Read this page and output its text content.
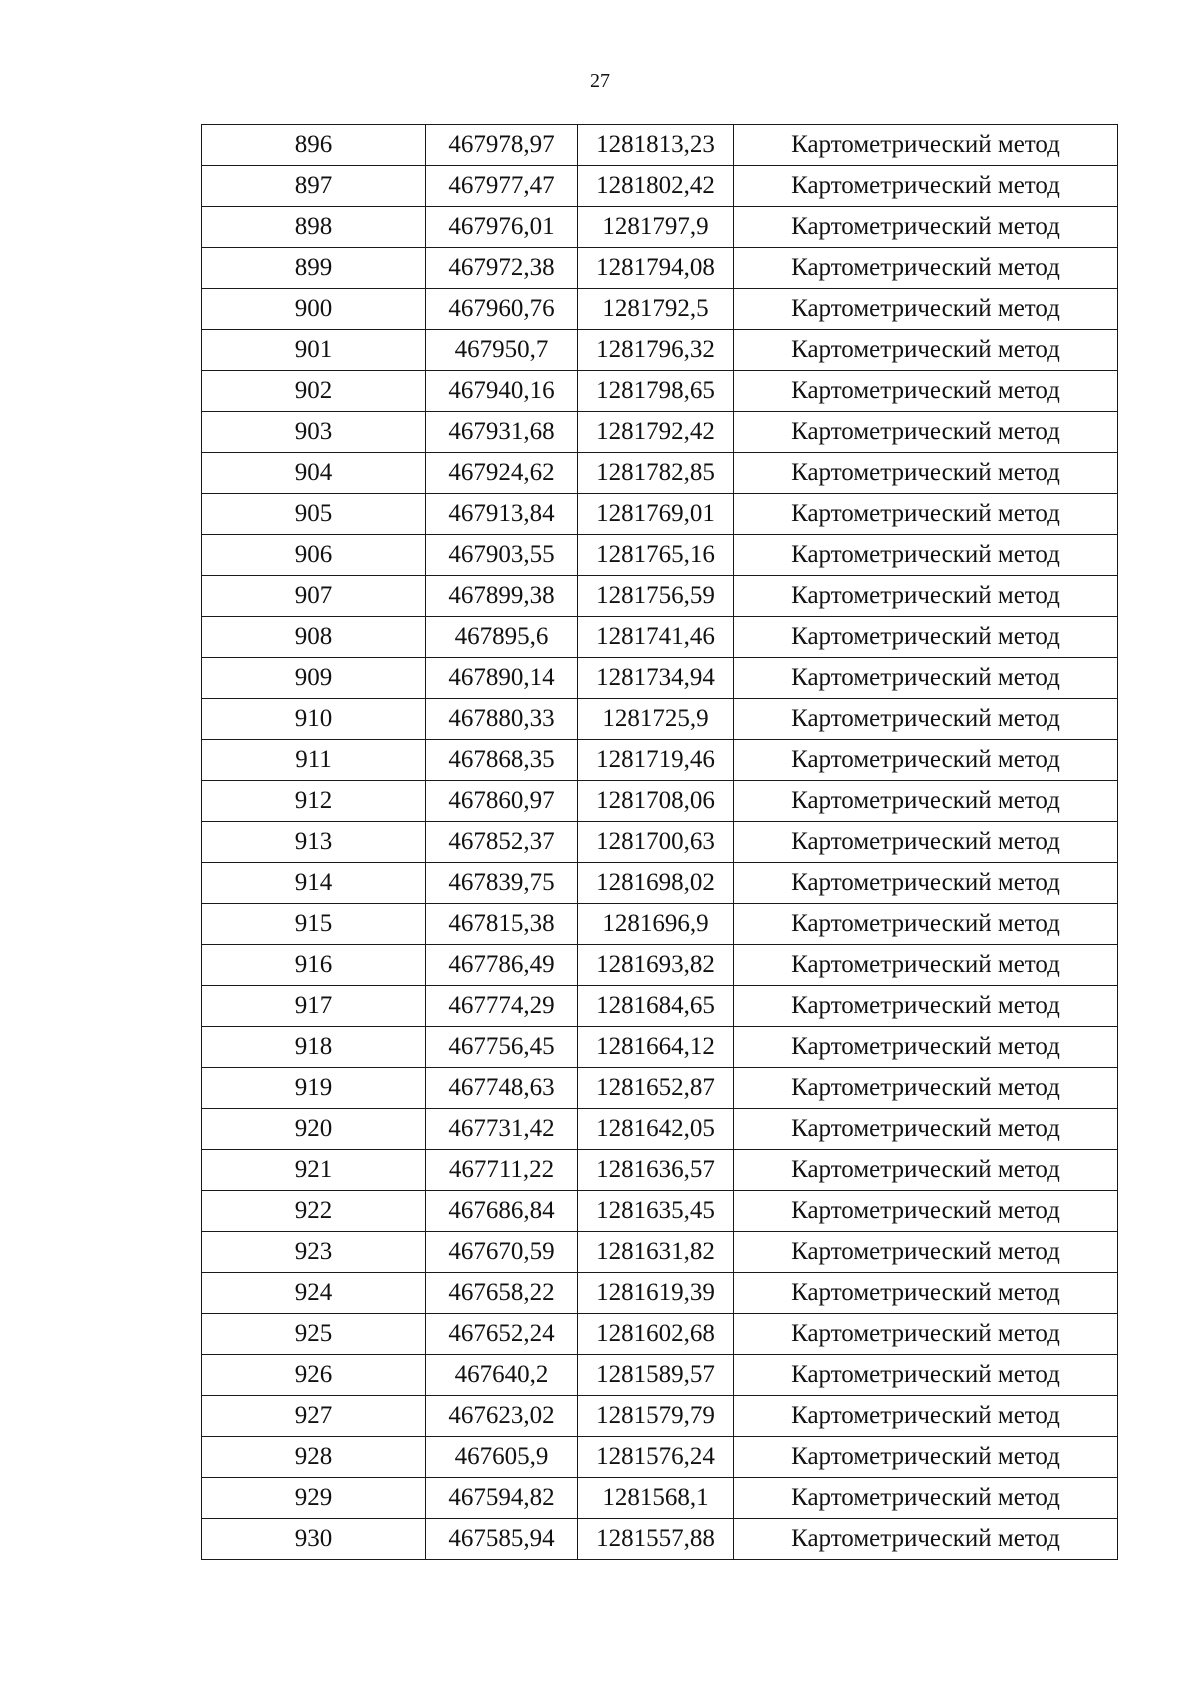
27
896	467978,97	1281813,23	Картометрический метод
897	467977,47	1281802,42	Картометрический метод
898	467976,01	1281797,9	Картометрический метод
899	467972,38	1281794,08	Картометрический метод
900	467960,76	1281792,5	Картометрический метод
901	467950,7	1281796,32	Картометрический метод
902	467940,16	1281798,65	Картометрический метод
903	467931,68	1281792,42	Картометрический метод
904	467924,62	1281782,85	Картометрический метод
905	467913,84	1281769,01	Картометрический метод
906	467903,55	1281765,16	Картометрический метод
907	467899,38	1281756,59	Картометрический метод
908	467895,6	1281741,46	Картометрический метод
909	467890,14	1281734,94	Картометрический метод
910	467880,33	1281725,9	Картометрический метод
911	467868,35	1281719,46	Картометрический метод
912	467860,97	1281708,06	Картометрический метод
913	467852,37	1281700,63	Картометрический метод
914	467839,75	1281698,02	Картометрический метод
915	467815,38	1281696,9	Картометрический метод
916	467786,49	1281693,82	Картометрический метод
917	467774,29	1281684,65	Картометрический метод
918	467756,45	1281664,12	Картометрический метод
919	467748,63	1281652,87	Картометрический метод
920	467731,42	1281642,05	Картометрический метод
921	467711,22	1281636,57	Картометрический метод
922	467686,84	1281635,45	Картометрический метод
923	467670,59	1281631,82	Картометрический метод
924	467658,22	1281619,39	Картометрический метод
925	467652,24	1281602,68	Картометрический метод
926	467640,2	1281589,57	Картометрический метод
927	467623,02	1281579,79	Картометрический метод
928	467605,9	1281576,24	Картометрический метод
929	467594,82	1281568,1	Картометрический метод
930	467585,94	1281557,88	Картометрический метод
